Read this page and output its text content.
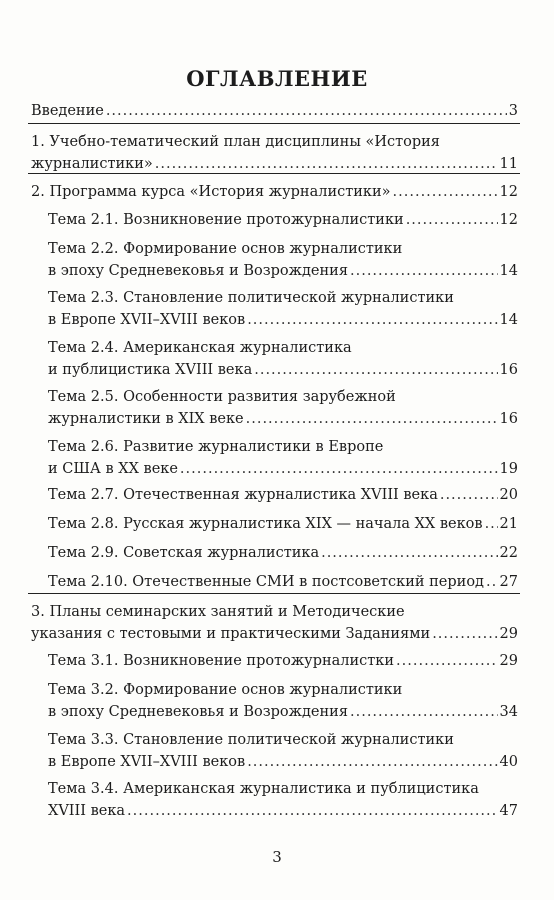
ОГЛАВЛЕНИЕ
Введение .....	3
1. Учебно-тематический план дисциплины «История
журналистики» .....	11
2. Программа курса «История журналистики» .....	12
Тема 2.1. Возникновение протожурналистики .....	12
Тема 2.2. Формирование основ журналистики
в эпоху Средневековья и Возрождения .....	14
Тема 2.3. Становление политической журналистики
в Европе XVII–XVIII веков .....	14
Тема 2.4. Американская журналистика
и публицистика XVIII века .....	16
Тема 2.5. Особенности развития зарубежной
журналистики в XIX веке .....	16
Тема 2.6. Развитие журналистики в Европе
и США в XX веке .....	19
Тема 2.7. Отечественная журналистика XVIII века .....	20
Тема 2.8. Русская журналистика XIX — начала XX веков ..... 21
Тема 2.9. Советская журналистика .....	22
Тема 2.10. Отечественные СМИ в постсоветский период ..... 27
3. Планы семинарских занятий и Методические
указания с тестовыми и практическими Заданиями .....	29
Тема 3.1. Возникновение протожурналистки .....	29
Тема 3.2. Формирование основ журналистики
в эпоху Средневековья и Возрождения .....	34
Тема 3.3. Становление политической журналистики
в Европе XVII–XVIII веков .....	40
Тема 3.4. Американская журналистика и публицистика
XVIII века .....	47
3
